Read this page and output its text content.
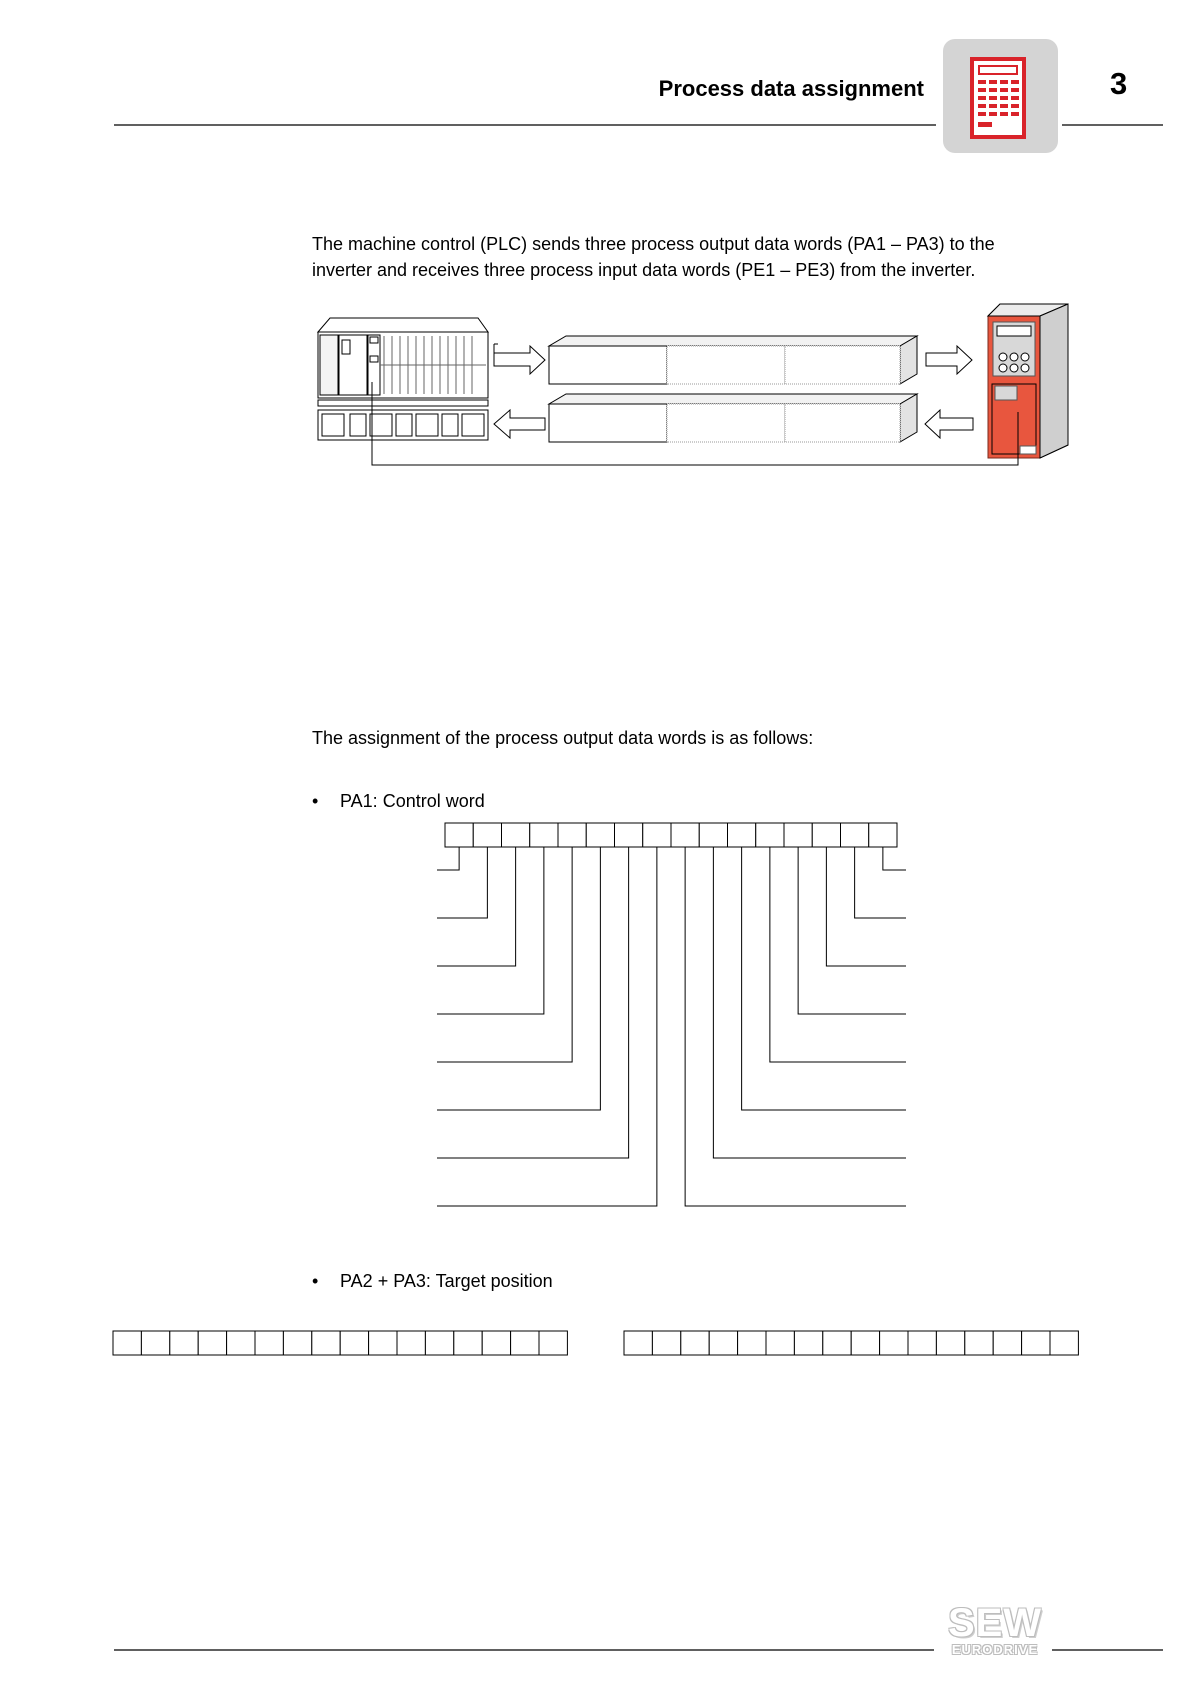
Process data assignment	3
The machine control (PLC) sends three process output data words (PA1 – PA3) to the
inverter and receives three process input data words (PE1 – PE3) from the inverter.
The assignment of the process output data words is as follows:
• PA1: Control word
• PA2 + PA3: Target position
SEW
EURODRIVE
